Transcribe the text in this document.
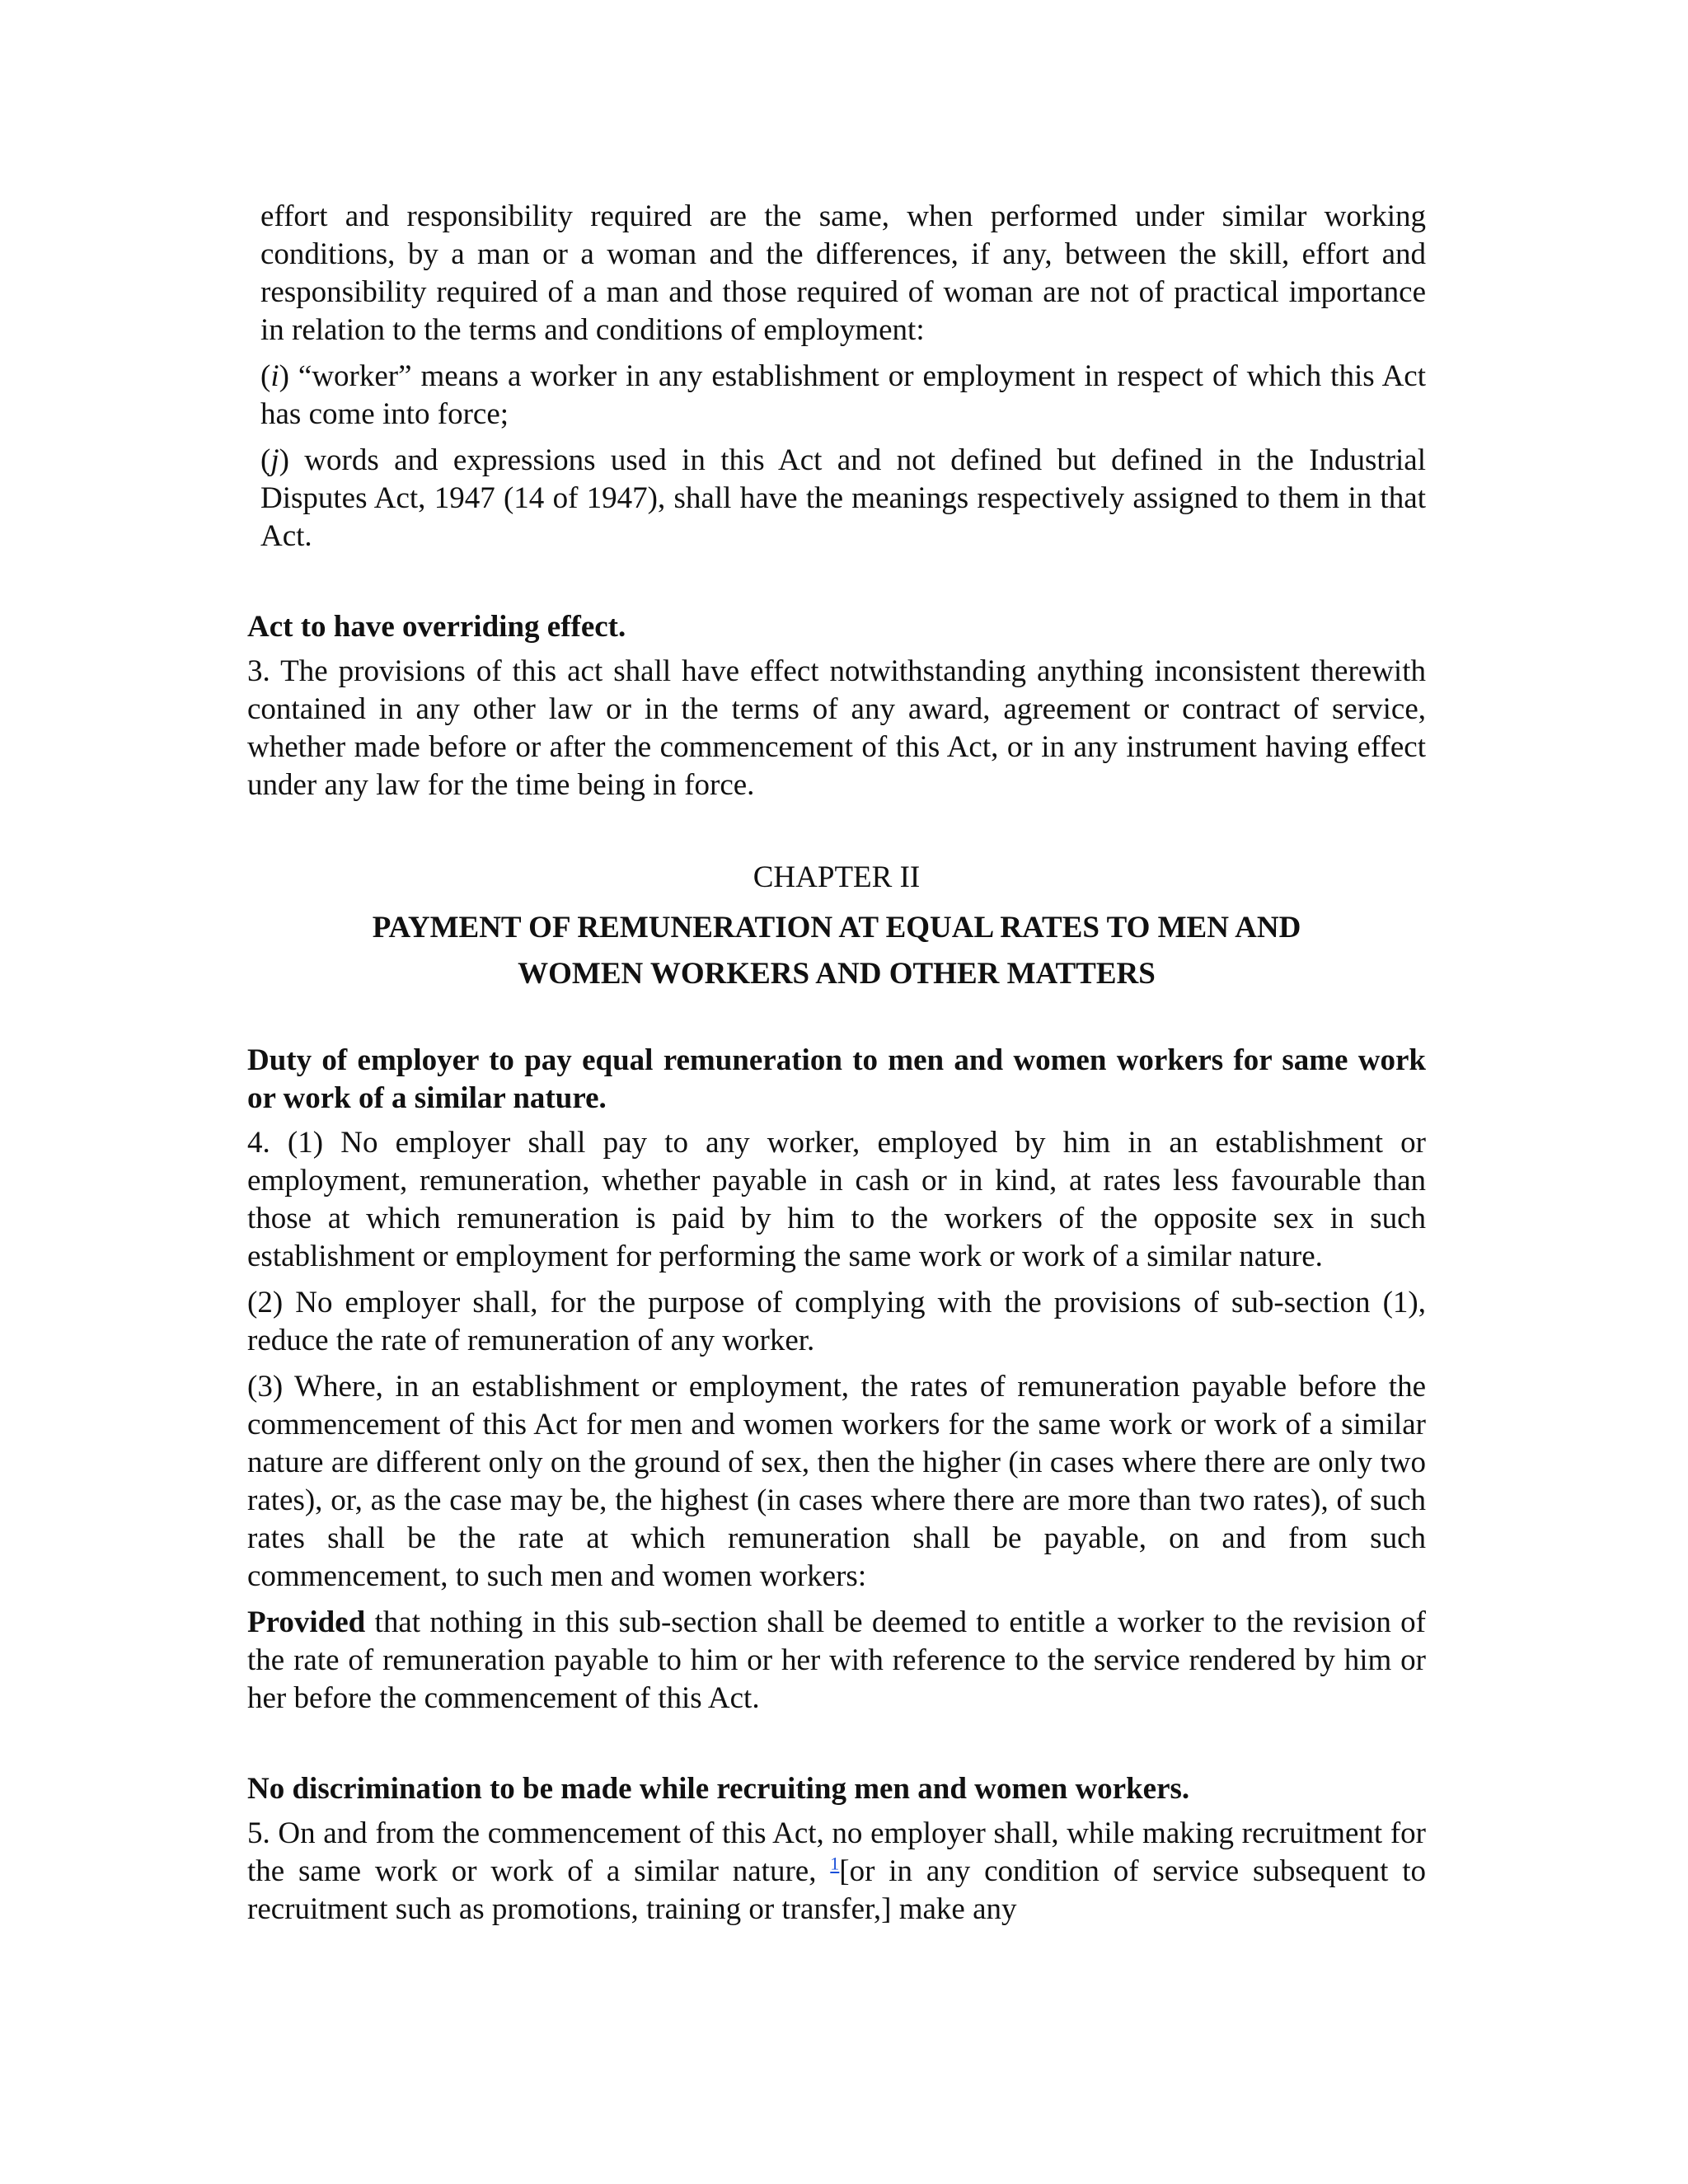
effort and responsibility required are the same, when performed under similar working conditions, by a man or a woman and the differences, if any, between the skill, effort and responsibility required of a man and those required of woman are not of practical importance in relation to the terms and conditions of employment:

(i) “worker” means a worker in any establishment or employment in respect of which this Act has come into force;

(j) words and expressions used in this Act and not defined but defined in the Industrial Disputes Act, 1947 (14 of 1947), shall have the meanings respectively assigned to them in that Act.

Act to have overriding effect.

3. The provisions of this act shall have effect notwithstanding anything inconsistent therewith contained in any other law or in the terms of any award, agreement or contract of service, whether made before or after the commencement of this Act, or in any instrument having effect under any law for the time being in force.

CHAPTER II

PAYMENT OF REMUNERATION AT EQUAL RATES TO MEN AND
WOMEN WORKERS AND OTHER MATTERS

Duty of employer to pay equal remuneration to men and women workers for same work or work of a similar nature.

4. (1) No employer shall pay to any worker, employed by him in an establishment or employment, remuneration, whether payable in cash or in kind, at rates less favourable than those at which remuneration is paid by him to the workers of the opposite sex in such establishment or employment for performing the same work or work of a similar nature.

(2) No employer shall, for the purpose of complying with the provisions of sub-section (1), reduce the rate of remuneration of any worker.

(3) Where, in an establishment or employment, the rates of remuneration payable before the commencement of this Act for men and women workers for the same work or work of a similar nature are different only on the ground of sex, then the higher (in cases where there are only two rates), or, as the case may be, the highest (in cases where there are more than two rates), of such rates shall be the rate at which remuneration shall be payable, on and from such commencement, to such men and women workers:

Provided that nothing in this sub-section shall be deemed to entitle a worker to the revision of the rate of remuneration payable to him or her with reference to the service rendered by him or her before the commencement of this Act.

No discrimination to be made while recruiting men and women workers.

5. On and from the commencement of this Act, no employer shall, while making recruitment for the same work or work of a similar nature, $^1$[or in any condition of service subsequent to recruitment such as promotions, training or transfer,] make any
